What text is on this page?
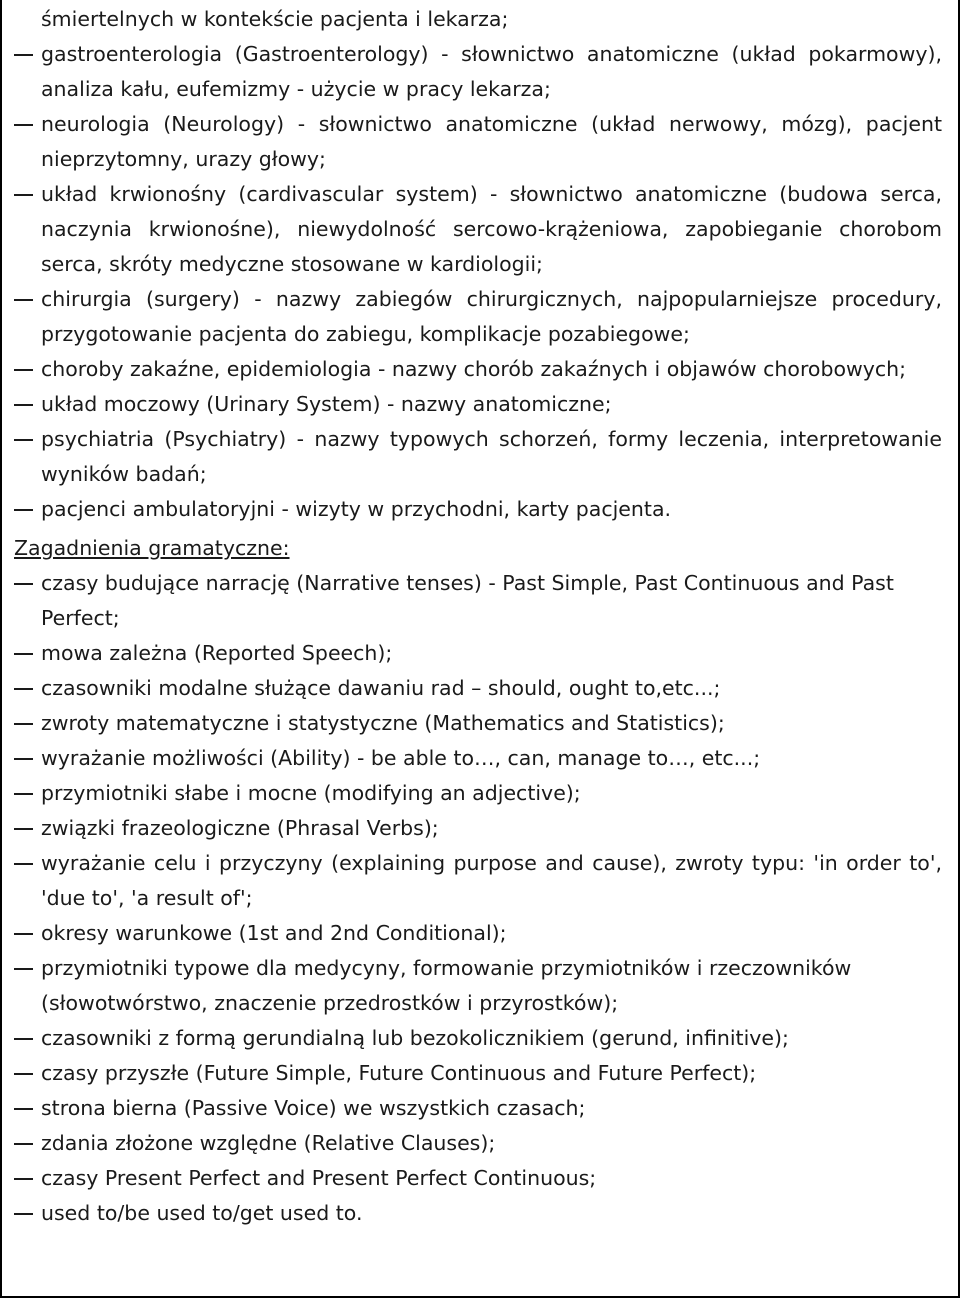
śmiertelnych w kontekście pacjenta i lekarza;
gastroenterologia (Gastroenterology) - słownictwo anatomiczne (układ pokarmowy), analiza kału, eufemizmy - użycie w pracy lekarza;
neurologia (Neurology) - słownictwo anatomiczne (układ nerwowy, mózg), pacjent nieprzytomny, urazy głowy;
układ krwionośny (cardivascular system) - słownictwo anatomiczne (budowa serca, naczynia krwionośne), niewydolność sercowo-krążeniowa, zapobieganie chorobom serca, skróty medyczne stosowane w kardiologii;
chirurgia (surgery) - nazwy zabiegów chirurgicznych, najpopularniejsze procedury, przygotowanie pacjenta do zabiegu, komplikacje pozabiegowe;
choroby zakaźne, epidemiologia - nazwy chorób zakaźnych i objawów chorobowych;
układ moczowy (Urinary System) - nazwy anatomiczne;
psychiatria (Psychiatry) - nazwy typowych schorzeń, formy leczenia, interpretowanie wyników badań;
pacjenci ambulatoryjni - wizyty w przychodni, karty pacjenta.
Zagadnienia gramatyczne:
czasy budujące narrację (Narrative tenses) - Past Simple, Past Continuous and Past Perfect;
mowa zależna (Reported Speech);
czasowniki modalne służące dawaniu rad – should, ought to,etc...;
zwroty matematyczne i statystyczne (Mathematics and Statistics);
wyrażanie możliwości (Ability) - be able to…, can, manage to…, etc...;
przymiotniki słabe i mocne (modifying an adjective);
związki frazeologiczne (Phrasal Verbs);
wyrażanie celu i przyczyny (explaining purpose and cause), zwroty typu: 'in order to', 'due to', 'a result of';
okresy warunkowe (1st and 2nd Conditional);
przymiotniki typowe dla medycyny, formowanie przymiotników i rzeczowników (słowotwórstwo, znaczenie przedrostków i przyrostków);
czasowniki z formą gerundialną lub bezokolicznikiem (gerund, infinitive);
czasy przyszłe (Future Simple, Future Continuous and Future Perfect);
strona bierna (Passive Voice) we wszystkich czasach;
zdania złożone względne (Relative Clauses);
czasy Present Perfect and Present Perfect Continuous;
used to/be used to/get used to.
